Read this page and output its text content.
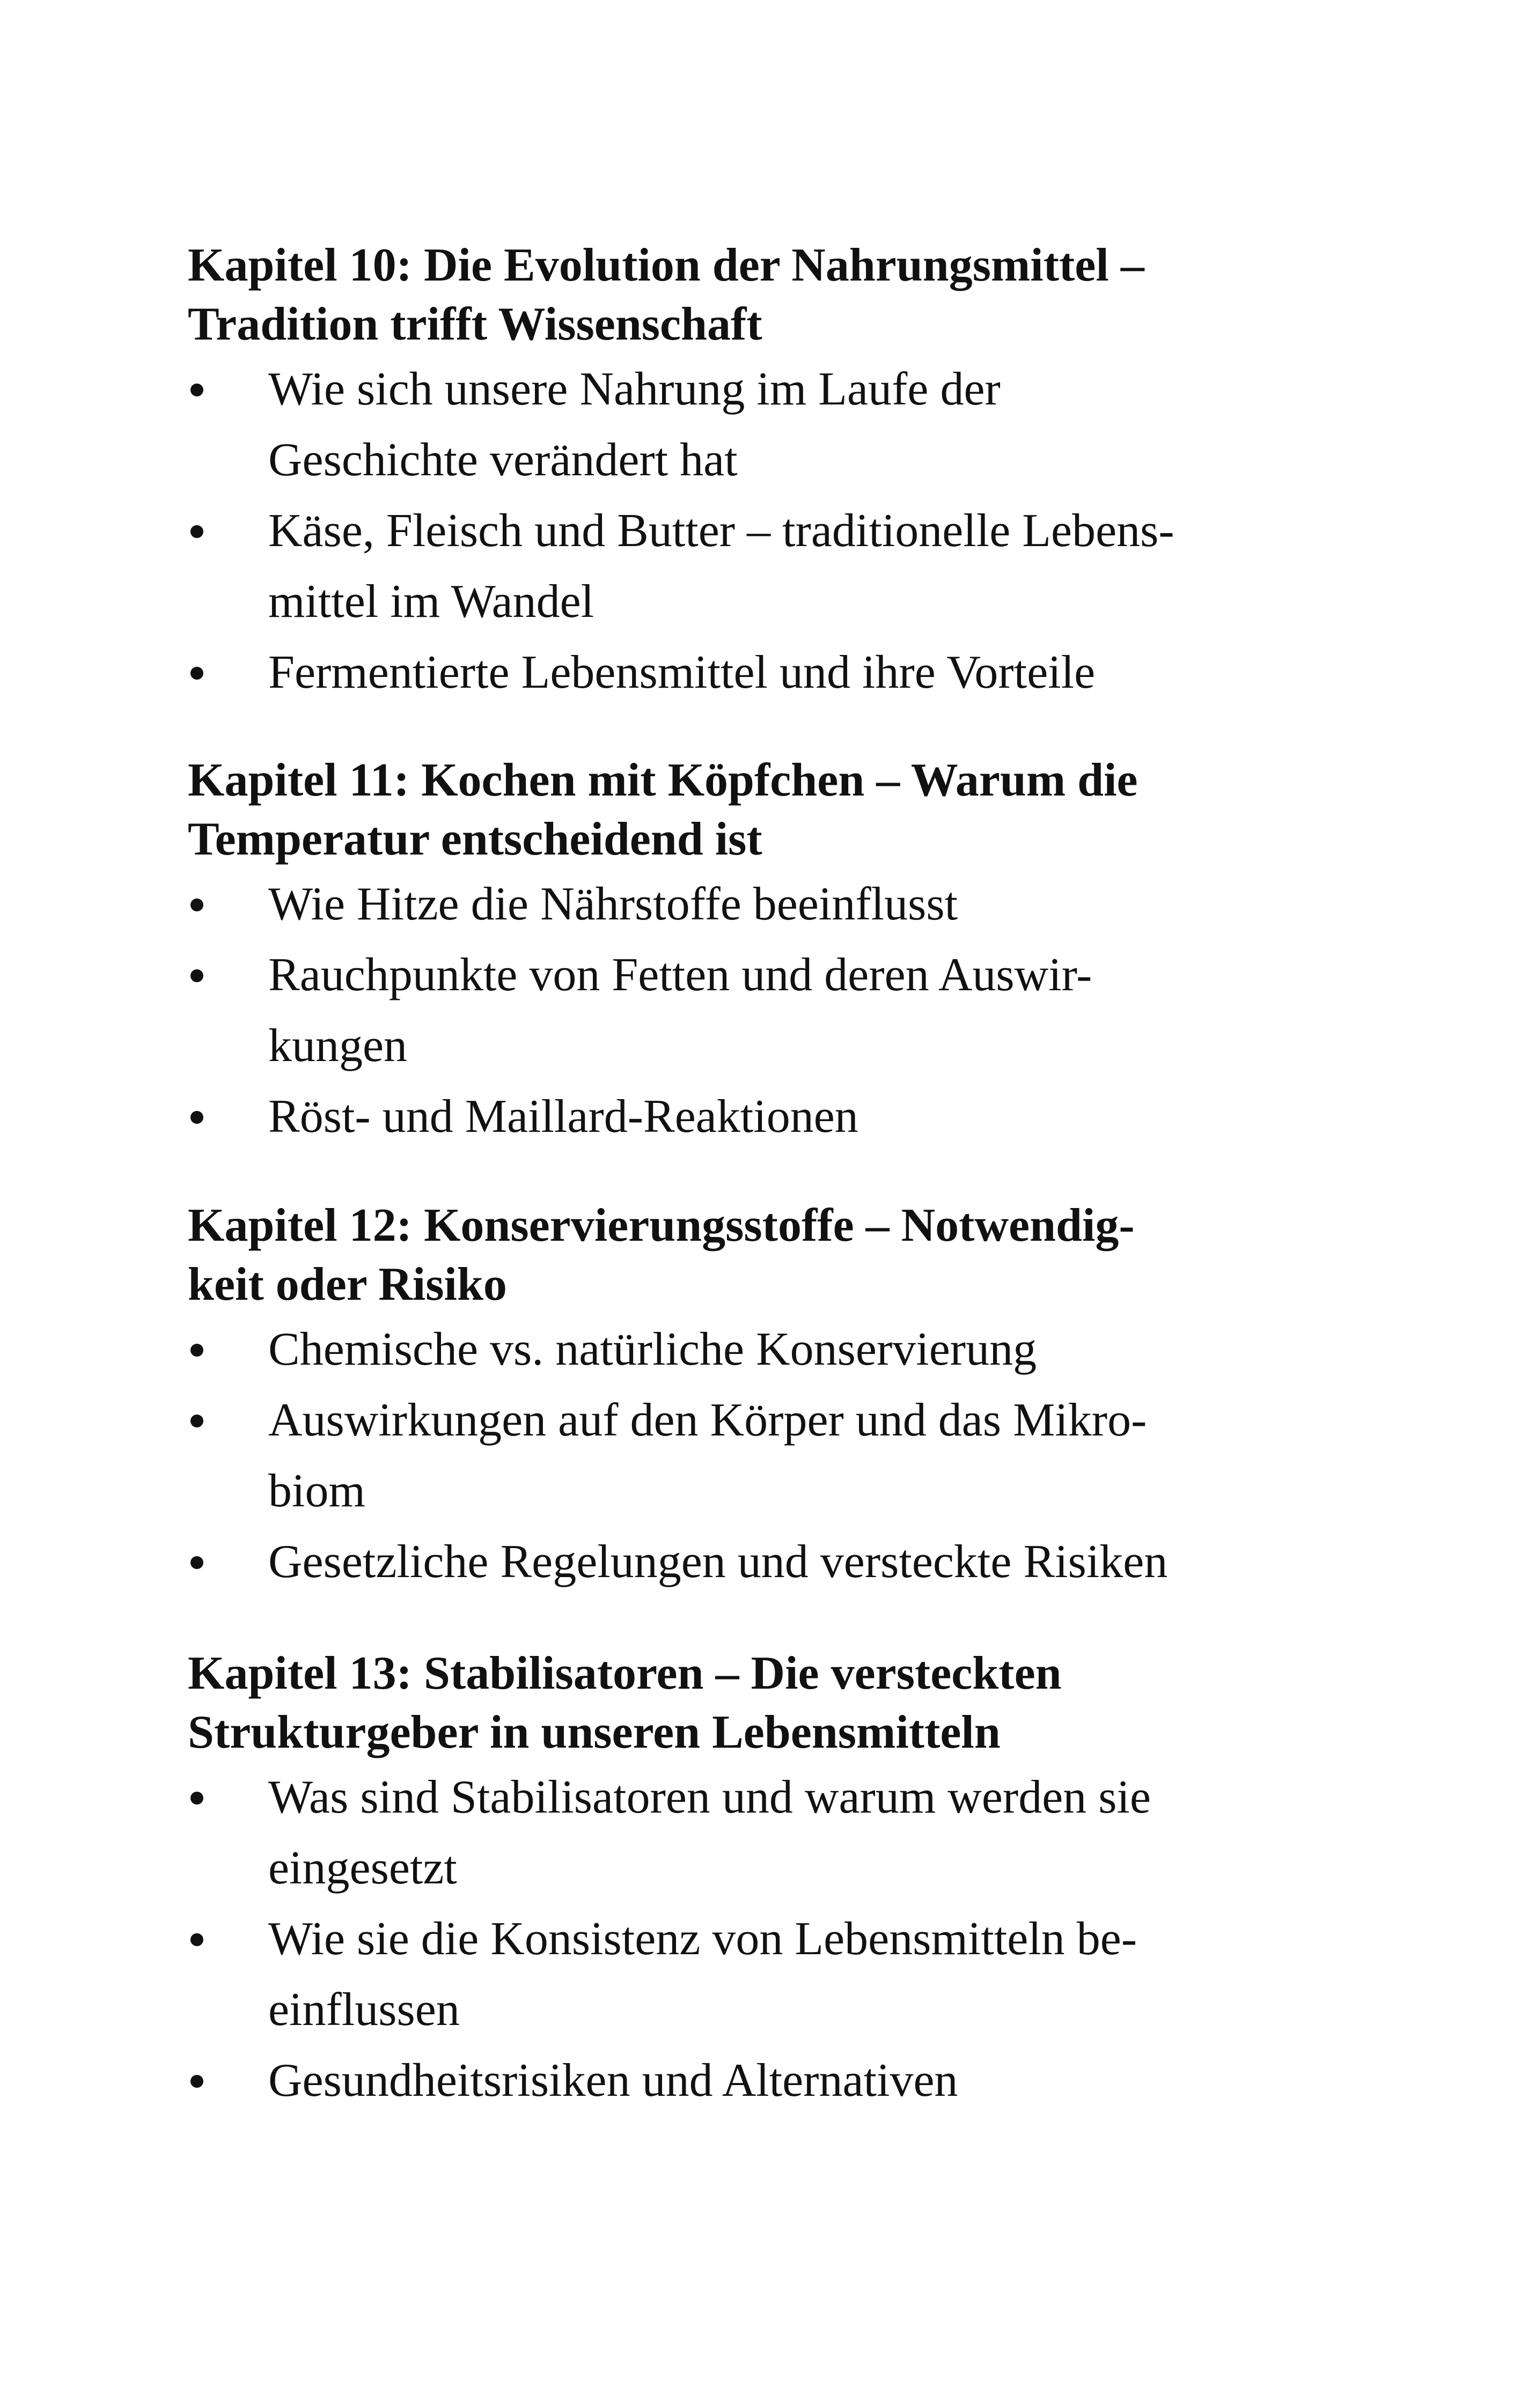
Kapitel 10: Die Evolution der Nahrungsmittel –
Tradition trifft Wissenschaft
Wie sich unsere Nahrung im Laufe der
Geschichte verändert hat
Käse, Fleisch und Butter – traditionelle Lebens-
mittel im Wandel
Fermentierte Lebensmittel und ihre Vorteile
Kapitel 11: Kochen mit Köpfchen – Warum die
Temperatur entscheidend ist
Wie Hitze die Nährstoffe beeinflusst
Rauchpunkte von Fetten und deren Auswir-
kungen
Röst- und Maillard-Reaktionen
Kapitel 12: Konservierungsstoffe – Notwendig-
keit oder Risiko
Chemische vs. natürliche Konservierung
Auswirkungen auf den Körper und das Mikro-
biom
Gesetzliche Regelungen und versteckte Risiken
Kapitel 13: Stabilisatoren – Die versteckten
Strukturgeber in unseren Lebensmitteln
Was sind Stabilisatoren und warum werden sie
eingesetzt
Wie sie die Konsistenz von Lebensmitteln be-
einflussen
Gesundheitsrisiken und Alternativen
